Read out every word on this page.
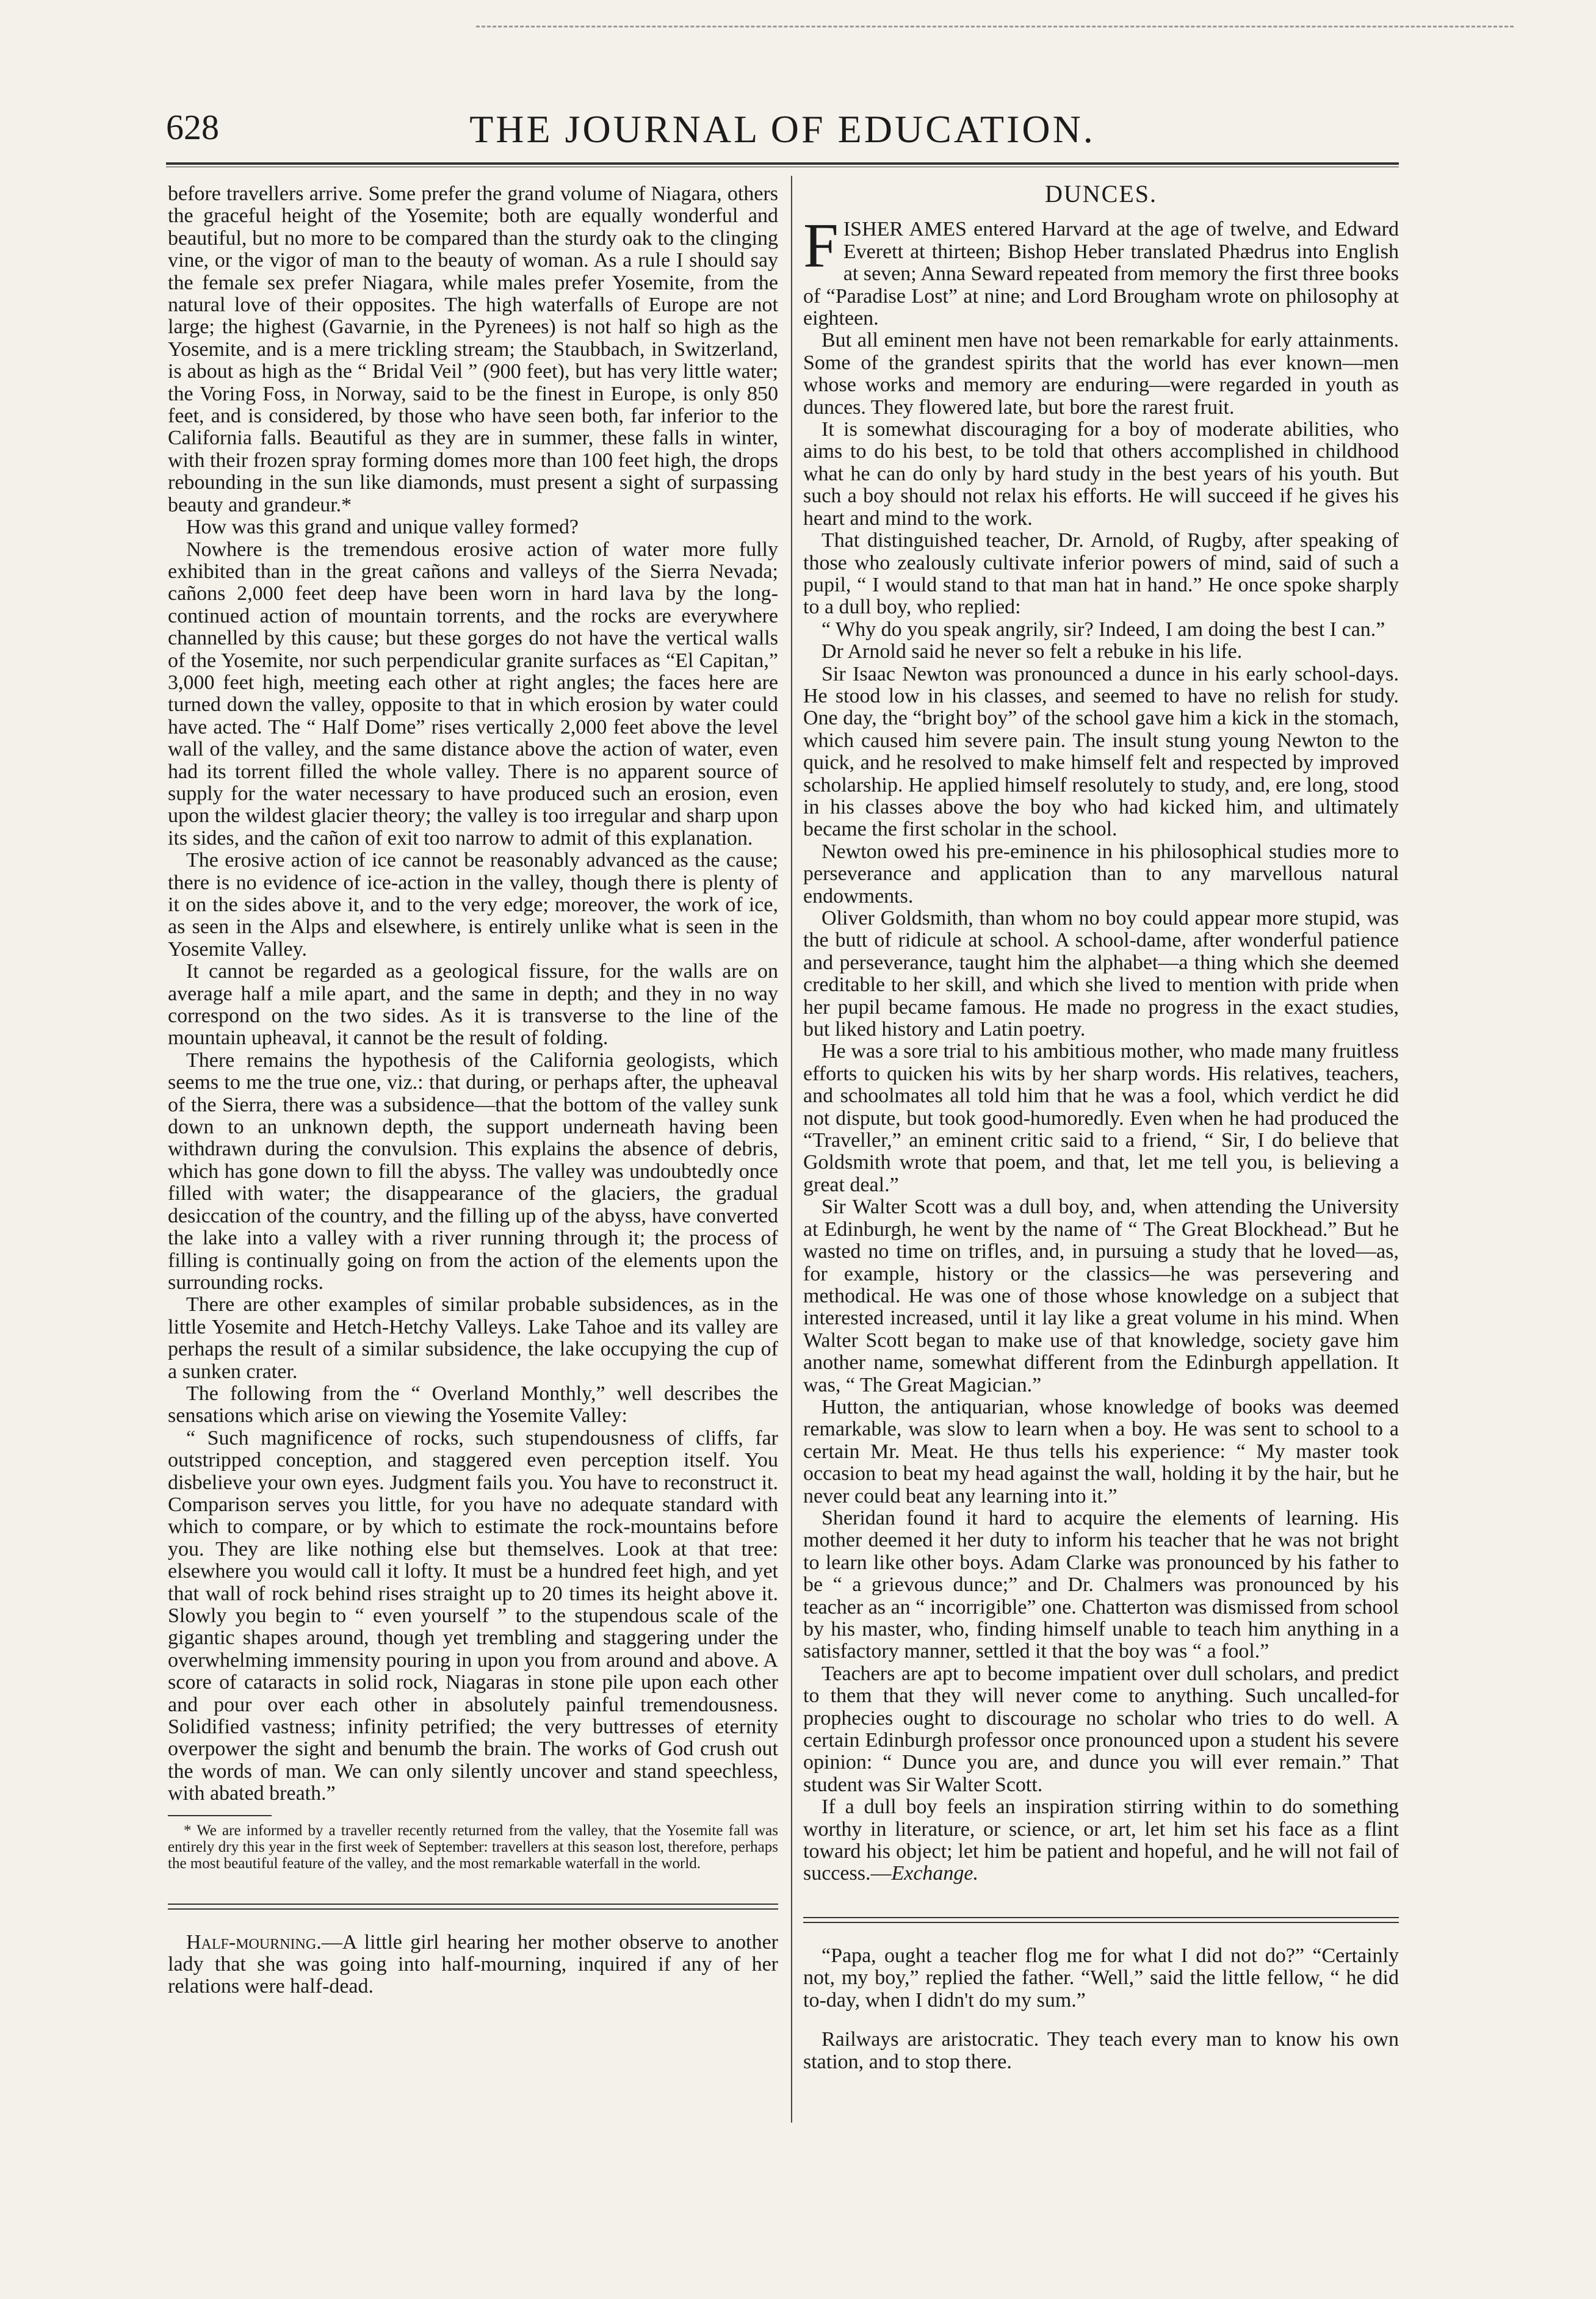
628	THE JOURNAL OF EDUCATION.

before travellers arrive. Some prefer the grand volume of Niagara, others the graceful height of the Yosemite; both are equally wonderful and beautiful, but no more to be compared than the sturdy oak to the clinging vine, or the vigor of man to the beauty of woman. As a rule I should say the female sex prefer Niagara, while males prefer Yosemite, from the natural love of their opposites. The high waterfalls of Europe are not large; the highest (Gavarnie, in the Pyrenees) is not half so high as the Yosemite, and is a mere trickling stream; the Staubbach, in Switzerland, is about as high as the “ Bridal Veil ” (900 feet), but has very little water; the Voring Foss, in Norway, said to be the finest in Europe, is only 850 feet, and is considered, by those who have seen both, far inferior to the California falls. Beautiful as they are in summer, these falls in winter, with their frozen spray forming domes more than 100 feet high, the drops rebounding in the sun like diamonds, must present a sight of surpassing beauty and grandeur.*

How was this grand and unique valley formed?

Nowhere is the tremendous erosive action of water more fully exhibited than in the great cañons and valleys of the Sierra Nevada; cañons 2,000 feet deep have been worn in hard lava by the long-continued action of mountain torrents, and the rocks are everywhere channelled by this cause; but these gorges do not have the vertical walls of the Yosemite, nor such perpendicular granite surfaces as “El Capitan,” 3,000 feet high, meeting each other at right angles; the faces here are turned down the valley, opposite to that in which erosion by water could have acted. The “ Half Dome” rises vertically 2,000 feet above the level wall of the valley, and the same distance above the action of water, even had its torrent filled the whole valley. There is no apparent source of supply for the water necessary to have produced such an erosion, even upon the wildest glacier theory; the valley is too irregular and sharp upon its sides, and the cañon of exit too narrow to admit of this explanation.

The erosive action of ice cannot be reasonably advanced as the cause; there is no evidence of ice-action in the valley, though there is plenty of it on the sides above it, and to the very edge; moreover, the work of ice, as seen in the Alps and elsewhere, is entirely unlike what is seen in the Yosemite Valley.

It cannot be regarded as a geological fissure, for the walls are on average half a mile apart, and the same in depth; and they in no way correspond on the two sides. As it is transverse to the line of the mountain upheaval, it cannot be the result of folding.

There remains the hypothesis of the California geologists, which seems to me the true one, viz.: that during, or perhaps after, the upheaval of the Sierra, there was a subsidence—that the bottom of the valley sunk down to an unknown depth, the support underneath having been withdrawn during the convulsion. This explains the absence of debris, which has gone down to fill the abyss. The valley was undoubtedly once filled with water; the disappearance of the glaciers, the gradual desiccation of the country, and the filling up of the abyss, have converted the lake into a valley with a river running through it; the process of filling is continually going on from the action of the elements upon the surrounding rocks.

There are other examples of similar probable subsidences, as in the little Yosemite and Hetch-Hetchy Valleys. Lake Tahoe and its valley are perhaps the result of a similar subsidence, the lake occupying the cup of a sunken crater.

The following from the “ Overland Monthly,” well describes the sensations which arise on viewing the Yosemite Valley:

“ Such magnificence of rocks, such stupendousness of cliffs, far outstripped conception, and staggered even perception itself. You disbelieve your own eyes. Judgment fails you. You have to reconstruct it. Comparison serves you little, for you have no adequate standard with which to compare, or by which to estimate the rock-mountains before you. They are like nothing else but themselves. Look at that tree: elsewhere you would call it lofty. It must be a hundred feet high, and yet that wall of rock behind rises straight up to 20 times its height above it. Slowly you begin to “ even yourself ” to the stupendous scale of the gigantic shapes around, though yet trembling and staggering under the overwhelming immensity pouring in upon you from around and above. A score of cataracts in solid rock, Niagaras in stone pile upon each other and pour over each other in absolutely painful tremendousness. Solidified vastness; infinity petrified; the very buttresses of eternity overpower the sight and benumb the brain. The works of God crush out the words of man. We can only silently uncover and stand speechless, with abated breath.”

* We are informed by a traveller recently returned from the valley, that the Yosemite fall was entirely dry this year in the first week of September: travellers at this season lost, therefore, perhaps the most beautiful feature of the valley, and the most remarkable waterfall in the world.

Half-mourning.—A little girl hearing her mother observe to another lady that she was going into half-mourning, inquired if any of her relations were half-dead.

DUNCES.

FISHER AMES entered Harvard at the age of twelve, and Edward Everett at thirteen; Bishop Heber translated Phædrus into English at seven; Anna Seward repeated from memory the first three books of “Paradise Lost” at nine; and Lord Brougham wrote on philosophy at eighteen.

But all eminent men have not been remarkable for early attainments. Some of the grandest spirits that the world has ever known—men whose works and memory are enduring—were regarded in youth as dunces. They flowered late, but bore the rarest fruit.

It is somewhat discouraging for a boy of moderate abilities, who aims to do his best, to be told that others accomplished in childhood what he can do only by hard study in the best years of his youth. But such a boy should not relax his efforts. He will succeed if he gives his heart and mind to the work.

That distinguished teacher, Dr. Arnold, of Rugby, after speaking of those who zealously cultivate inferior powers of mind, said of such a pupil, “ I would stand to that man hat in hand.” He once spoke sharply to a dull boy, who replied:

“ Why do you speak angrily, sir? Indeed, I am doing the best I can.”

Dr Arnold said he never so felt a rebuke in his life.

Sir Isaac Newton was pronounced a dunce in his early school-days. He stood low in his classes, and seemed to have no relish for study. One day, the “bright boy” of the school gave him a kick in the stomach, which caused him severe pain. The insult stung young Newton to the quick, and he resolved to make himself felt and respected by improved scholarship. He applied himself resolutely to study, and, ere long, stood in his classes above the boy who had kicked him, and ultimately became the first scholar in the school.

Newton owed his pre-eminence in his philosophical studies more to perseverance and application than to any marvellous natural endowments.

Oliver Goldsmith, than whom no boy could appear more stupid, was the butt of ridicule at school. A school-dame, after wonderful patience and perseverance, taught him the alphabet—a thing which she deemed creditable to her skill, and which she lived to mention with pride when her pupil became famous. He made no progress in the exact studies, but liked history and Latin poetry.

He was a sore trial to his ambitious mother, who made many fruitless efforts to quicken his wits by her sharp words. His relatives, teachers, and schoolmates all told him that he was a fool, which verdict he did not dispute, but took good-humoredly. Even when he had produced the “Traveller,” an eminent critic said to a friend, “ Sir, I do believe that Goldsmith wrote that poem, and that, let me tell you, is believing a great deal.”

Sir Walter Scott was a dull boy, and, when attending the University at Edinburgh, he went by the name of “ The Great Blockhead.” But he wasted no time on trifles, and, in pursuing a study that he loved—as, for example, history or the classics—he was persevering and methodical. He was one of those whose knowledge on a subject that interested increased, until it lay like a great volume in his mind. When Walter Scott began to make use of that knowledge, society gave him another name, somewhat different from the Edinburgh appellation. It was, “ The Great Magician.”

Hutton, the antiquarian, whose knowledge of books was deemed remarkable, was slow to learn when a boy. He was sent to school to a certain Mr. Meat. He thus tells his experience: “ My master took occasion to beat my head against the wall, holding it by the hair, but he never could beat any learning into it.”

Sheridan found it hard to acquire the elements of learning. His mother deemed it her duty to inform his teacher that he was not bright to learn like other boys. Adam Clarke was pronounced by his father to be “ a grievous dunce;” and Dr. Chalmers was pronounced by his teacher as an “ incorrigible” one. Chatterton was dismissed from school by his master, who, finding himself unable to teach him anything in a satisfactory manner, settled it that the boy was “ a fool.”

Teachers are apt to become impatient over dull scholars, and predict to them that they will never come to anything. Such uncalled-for prophecies ought to discourage no scholar who tries to do well. A certain Edinburgh professor once pronounced upon a student his severe opinion: “ Dunce you are, and dunce you will ever remain.” That student was Sir Walter Scott.

If a dull boy feels an inspiration stirring within to do something worthy in literature, or science, or art, let him set his face as a flint toward his object; let him be patient and hopeful, and he will not fail of success.—Exchange.

“Papa, ought a teacher flog me for what I did not do?” “Certainly not, my boy,” replied the father. “Well,” said the little fellow, “ he did to-day, when I didn't do my sum.”

Railways are aristocratic. They teach every man to know his own station, and to stop there.
